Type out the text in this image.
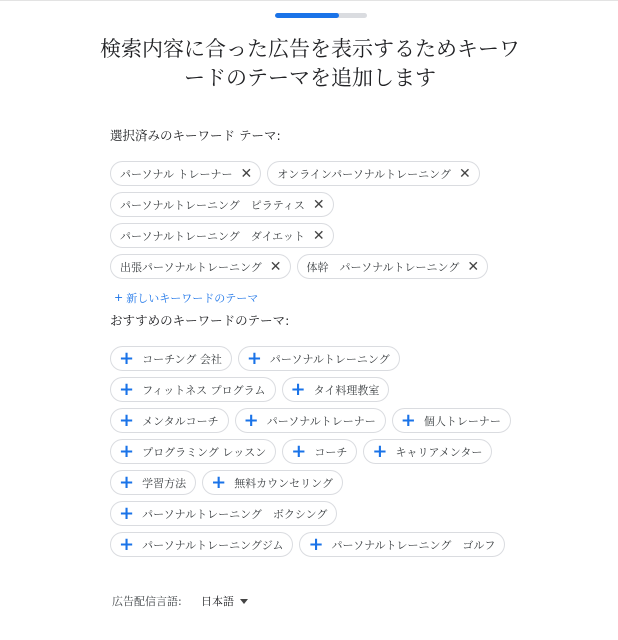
検索内容に合った広告を表示するためキーワードのテーマを追加します
選択済みのキーワード テーマ:
パーソナル トレーナー ✕ オンラインパーソナルトレーニング ✕
パーソナルトレーニング　ピラティス ✕
パーソナルトレーニング　ダイエット ✕
出張パーソナルトレーニング ✕ 体幹　パーソナルトレーニング ✕
+ 新しいキーワードのテーマ
おすすめのキーワードのテーマ:
+ コーチング 会社 + パーソナルトレーニング
+ フィットネス プログラム + タイ料理教室
+ メンタルコーチ + パーソナルトレーナー + 個人トレーナー
+ プログラミング レッスン + コーチ + キャリアメンター
+ 学習方法 + 無料カウンセリング
+ パーソナルトレーニング　ボクシング
+ パーソナルトレーニングジム + パーソナルトレーニング　ゴルフ
広告配信言語: 日本語
